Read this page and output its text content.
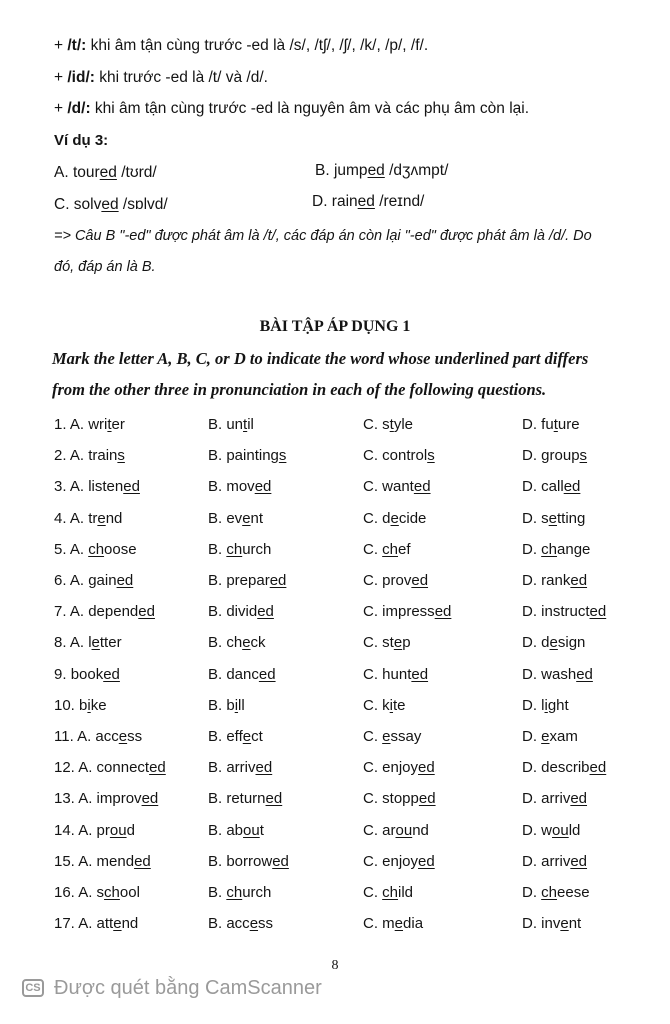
+ /t/: khi âm tận cùng trước -ed là /s/, /tʃ/, /ʃ/, /k/, /p/, /f/.
+ /id/: khi trước -ed là /t/ và /d/.
+ /d/: khi âm tận cùng trước -ed là nguyên âm và các phụ âm còn lại.
Ví dụ 3:
A. toured /tʊrd/	B. jumped /dʒʌmpt/
C. solved /sɒlvd/	D. rained /reɪnd/
=> Câu B "-ed" được phát âm là /t/, các đáp án còn lại "-ed" được phát âm là /d/. Do
đó, đáp án là B.
BÀI TẬP ÁP DỤNG 1
Mark the letter A, B, C, or D to indicate the word whose underlined part differs
from the other three in pronunciation in each of the following questions.
1. A. writer	B. until	C. style	D. future
2. A. trains	B. paintings	C. controls	D. groups
3. A. listened	B. moved	C. wanted	D. called
4. A. trend	B. event	C. decide	D. setting
5. A. choose	B. church	C. chef	D. change
6. A. gained	B. prepared	C. proved	D. ranked
7. A. depended	B. divided	C. impressed	D. instructed
8. A. letter	B. check	C. step	D. design
9. booked	B. danced	C. hunted	D. washed
10. bike	B. bill	C. kite	D. light
11. A. access	B. effect	C. essay	D. exam
12. A. connected	B. arrived	C. enjoyed	D. described
13. A. improved	B. returned	C. stopped	D. arrived
14. A. proud	B. about	C. around	D. would
15. A. mended	B. borrowed	C. enjoyed	D. arrived
16. A. school	B. church	C. child	D. cheese
17. A. attend	B. access	C. media	D. invent
8
CS Được quét bằng CamScanner
